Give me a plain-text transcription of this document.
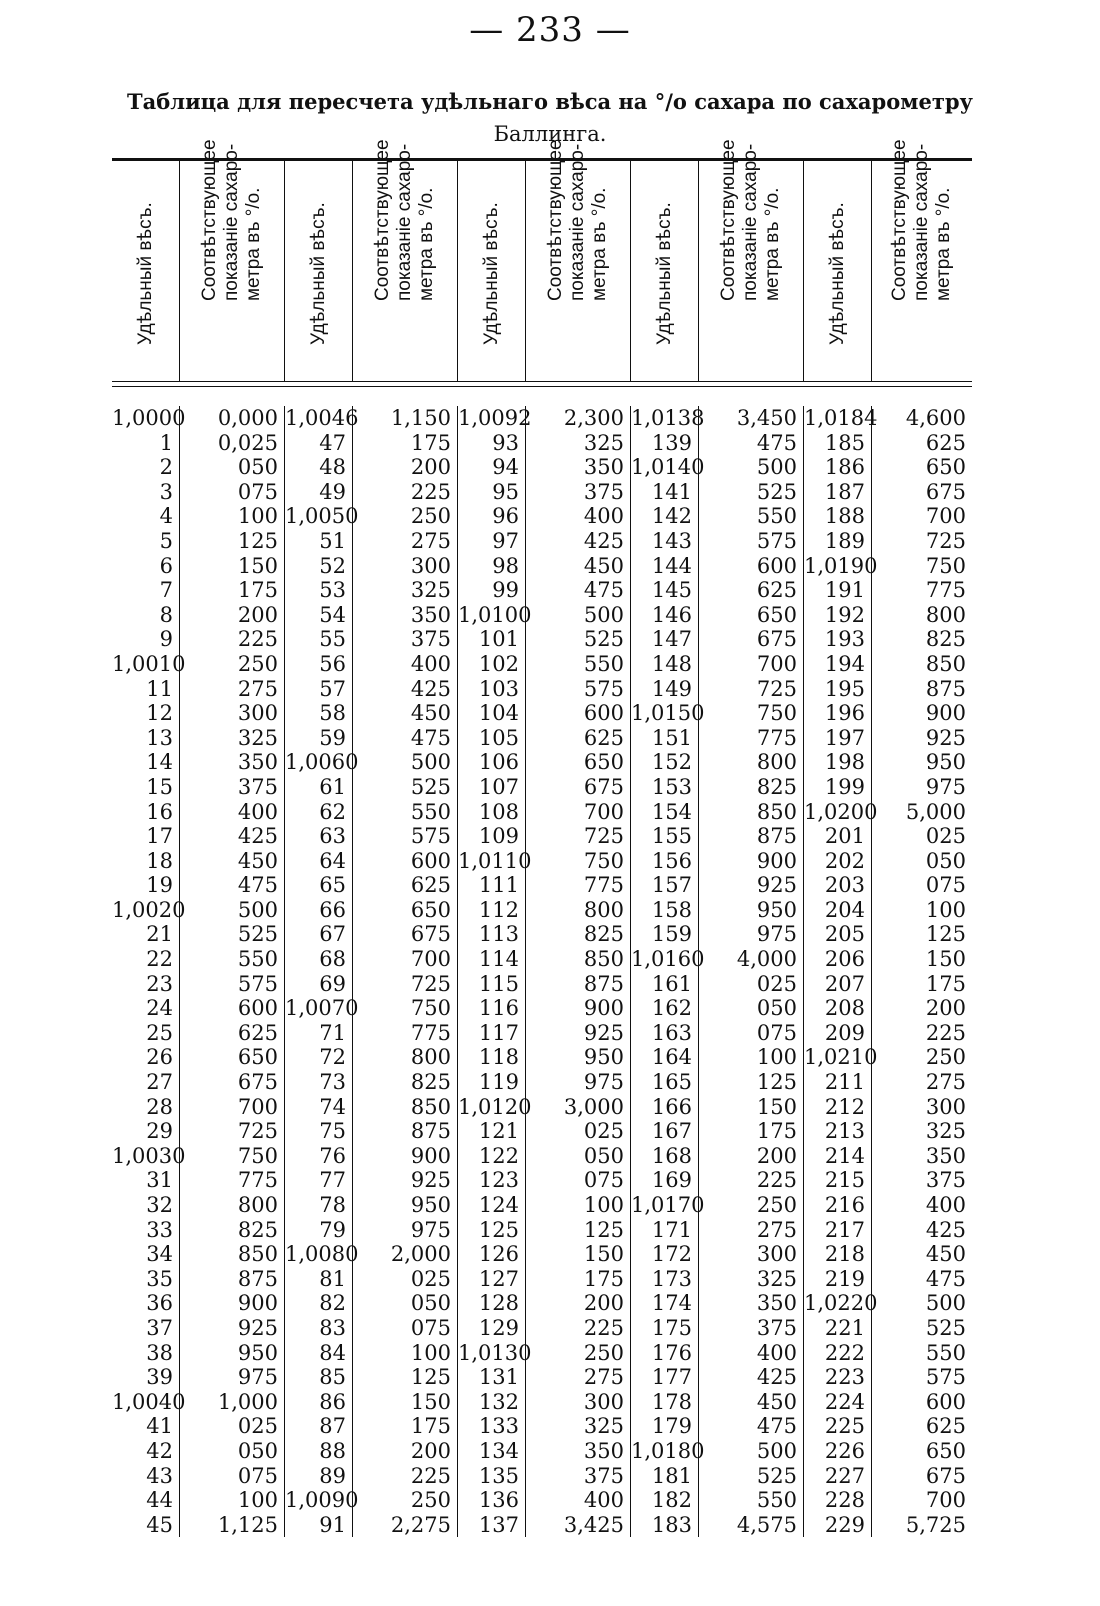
— 233 —
Таблица для пересчета удѣльнаго вѣса на °/o сахара по сахарометру
Баллинга.
Удѣльный вѣсъ. Соотвѣтствующее
показаніе сахаро-
метра въ °/o.
Удѣльный вѣсъ. Соотвѣтствующее
показаніе сахаро-
метра въ °/o.
Удѣльный вѣсъ. Соотвѣтствующее
показаніе сахаро-
метра въ °/o.
Удѣльный вѣсъ. Соотвѣтствующее
показаніе сахаро-
метра въ °/o.
Удѣльный вѣсъ. Соотвѣтствующее
показаніе сахаро-
метра въ °/o.
1,0000
1
2
3
4
5
6
7
8
9
1,0010
11
12
13
14
15
16
17
18
19
1,0020
21
22
23
24
25
26
27
28
29
1,0030
31
32
33
34
35
36
37
38
39
1,0040
41
42
43
44
45
0,000
0,025
050
075
100
125
150
175
200
225
250
275
300
325
350
375
400
425
450
475
500
525
550
575
600
625
650
675
700
725
750
775
800
825
850
875
900
925
950
975
1,000
025
050
075
100
1,125
1,0046
47
48
49
1,0050
51
52
53
54
55
56
57
58
59
1,0060
61
62
63
64
65
66
67
68
69
1,0070
71
72
73
74
75
76
77
78
79
1,0080
81
82
83
84
85
86
87
88
89
1,0090
91
1,150
175
200
225
250
275
300
325
350
375
400
425
450
475
500
525
550
575
600
625
650
675
700
725
750
775
800
825
850
875
900
925
950
975
2,000
025
050
075
100
125
150
175
200
225
250
2,275
1,0092
93
94
95
96
97
98
99
1,0100
101
102
103
104
105
106
107
108
109
1,0110
111
112
113
114
115
116
117
118
119
1,0120
121
122
123
124
125
126
127
128
129
1,0130
131
132
133
134
135
136
137
2,300
325
350
375
400
425
450
475
500
525
550
575
600
625
650
675
700
725
750
775
800
825
850
875
900
925
950
975
3,000
025
050
075
100
125
150
175
200
225
250
275
300
325
350
375
400
3,425
1,0138
139
1,0140
141
142
143
144
145
146
147
148
149
1,0150
151
152
153
154
155
156
157
158
159
1,0160
161
162
163
164
165
166
167
168
169
1,0170
171
172
173
174
175
176
177
178
179
1,0180
181
182
183
3,450
475
500
525
550
575
600
625
650
675
700
725
750
775
800
825
850
875
900
925
950
975
4,000
025
050
075
100
125
150
175
200
225
250
275
300
325
350
375
400
425
450
475
500
525
550
4,575
1,0184
185
186
187
188
189
1,0190
191
192
193
194
195
196
197
198
199
1,0200
201
202
203
204
205
206
207
208
209
1,0210
211
212
213
214
215
216
217
218
219
1,0220
221
222
223
224
225
226
227
228
229
4,600
625
650
675
700
725
750
775
800
825
850
875
900
925
950
975
5,000
025
050
075
100
125
150
175
200
225
250
275
300
325
350
375
400
425
450
475
500
525
550
575
600
625
650
675
700
5,725
